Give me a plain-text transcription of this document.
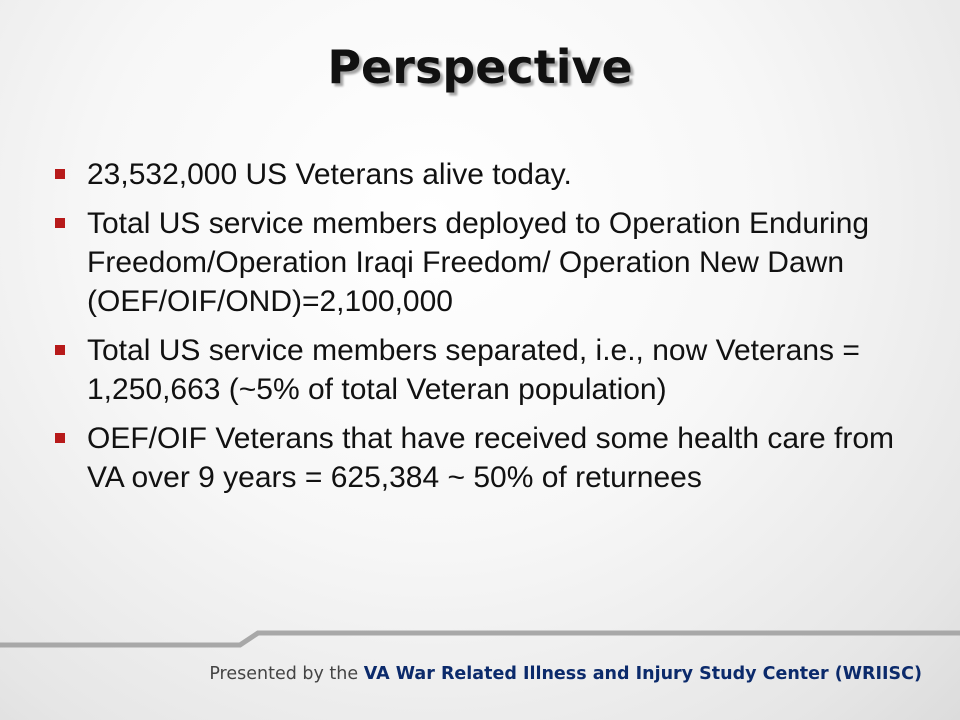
Perspective
23,532,000 US Veterans alive today.
Total US service members deployed to Operation Enduring Freedom/Operation Iraqi Freedom/ Operation New Dawn (OEF/OIF/OND)=2,100,000
Total US service members separated, i.e., now Veterans = 1,250,663 (~5% of total Veteran population)
OEF/OIF Veterans that have received some health care from VA over 9 years = 625,384 ~ 50% of returnees
Presented by the VA War Related Illness and Injury Study Center (WRIISC)
